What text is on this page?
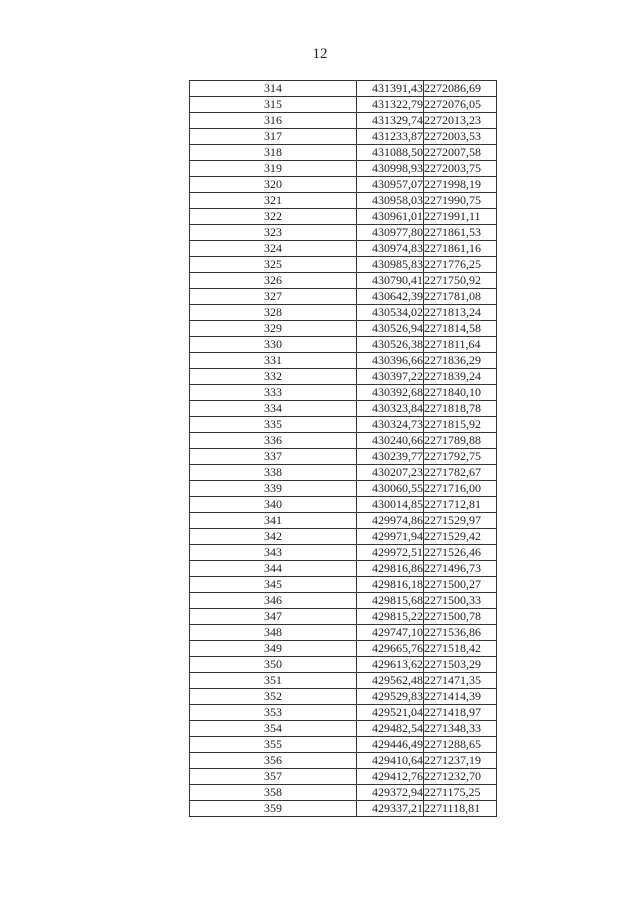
12
314	431391,43	2272086,69
315	431322,79	2272076,05
316	431329,74	2272013,23
317	431233,87	2272003,53
318	431088,50	2272007,58
319	430998,93	2272003,75
320	430957,07	2271998,19
321	430958,03	2271990,75
322	430961,01	2271991,11
323	430977,80	2271861,53
324	430974,83	2271861,16
325	430985,83	2271776,25
326	430790,41	2271750,92
327	430642,39	2271781,08
328	430534,02	2271813,24
329	430526,94	2271814,58
330	430526,38	2271811,64
331	430396,66	2271836,29
332	430397,22	2271839,24
333	430392,68	2271840,10
334	430323,84	2271818,78
335	430324,73	2271815,92
336	430240,66	2271789,88
337	430239,77	2271792,75
338	430207,23	2271782,67
339	430060,55	2271716,00
340	430014,85	2271712,81
341	429974,86	2271529,97
342	429971,94	2271529,42
343	429972,51	2271526,46
344	429816,86	2271496,73
345	429816,18	2271500,27
346	429815,68	2271500,33
347	429815,22	2271500,78
348	429747,10	2271536,86
349	429665,76	2271518,42
350	429613,62	2271503,29
351	429562,48	2271471,35
352	429529,83	2271414,39
353	429521,04	2271418,97
354	429482,54	2271348,33
355	429446,49	2271288,65
356	429410,64	2271237,19
357	429412,76	2271232,70
358	429372,94	2271175,25
359	429337,21	2271118,81
